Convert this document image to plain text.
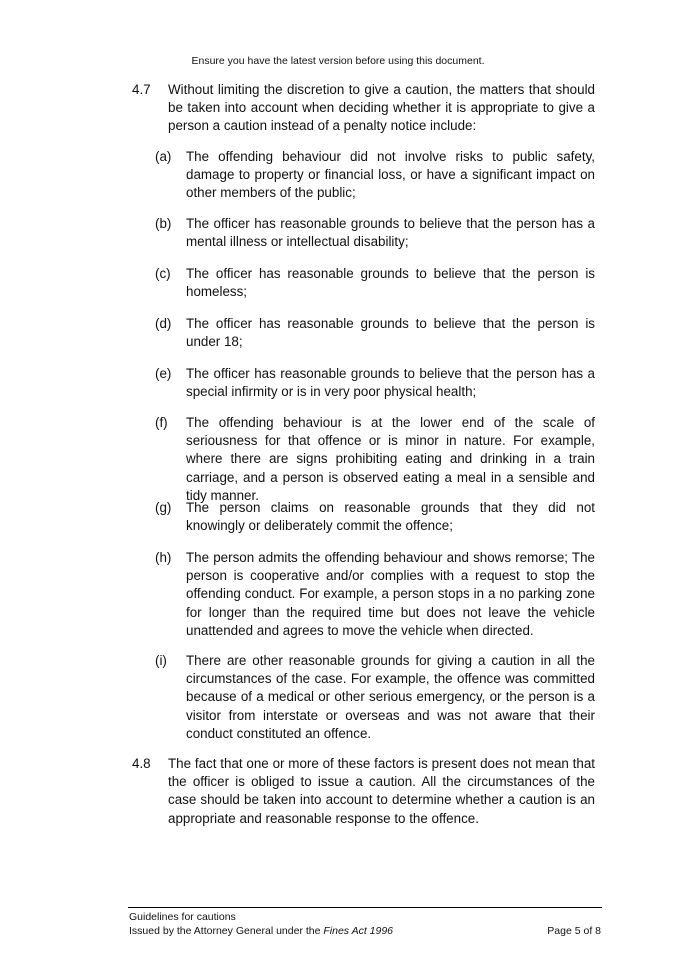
Ensure you have the latest version before using this document.
4.7 Without limiting the discretion to give a caution, the matters that should be taken into account when deciding whether it is appropriate to give a person a caution instead of a penalty notice include:
(a) The offending behaviour did not involve risks to public safety, damage to property or financial loss, or have a significant impact on other members of the public;
(b) The officer has reasonable grounds to believe that the person has a mental illness or intellectual disability;
(c) The officer has reasonable grounds to believe that the person is homeless;
(d) The officer has reasonable grounds to believe that the person is under 18;
(e) The officer has reasonable grounds to believe that the person has a special infirmity or is in very poor physical health;
(f) The offending behaviour is at the lower end of the scale of seriousness for that offence or is minor in nature. For example, where there are signs prohibiting eating and drinking in a train carriage, and a person is observed eating a meal in a sensible and tidy manner.
(g) The person claims on reasonable grounds that they did not knowingly or deliberately commit the offence;
(h) The person admits the offending behaviour and shows remorse; The person is cooperative and/or complies with a request to stop the offending conduct. For example, a person stops in a no parking zone for longer than the required time but does not leave the vehicle unattended and agrees to move the vehicle when directed.
(i) There are other reasonable grounds for giving a caution in all the circumstances of the case. For example, the offence was committed because of a medical or other serious emergency, or the person is a visitor from interstate or overseas and was not aware that their conduct constituted an offence.
4.8 The fact that one or more of these factors is present does not mean that the officer is obliged to issue a caution. All the circumstances of the case should be taken into account to determine whether a caution is an appropriate and reasonable response to the offence.
Guidelines for cautions
Issued by the Attorney General under the Fines Act 1996	Page 5 of 8
